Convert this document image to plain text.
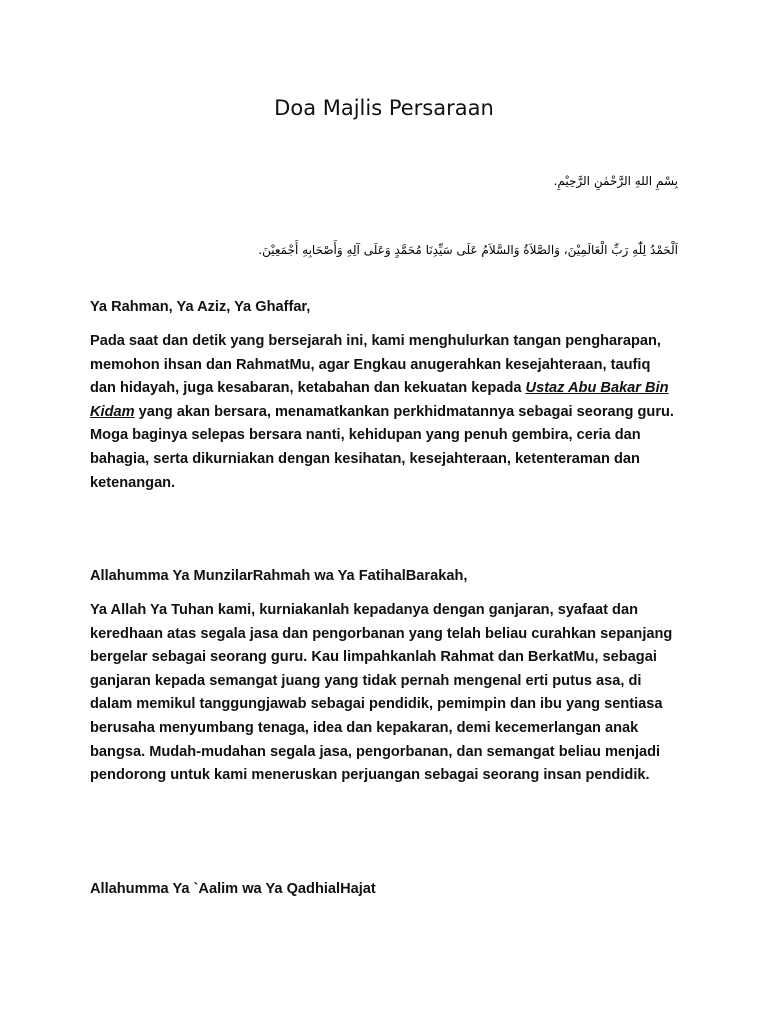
Doa Majlis Persaraan
بِسْمِ اللهِ الرَّحْمٰنِ الرَّحِيْمِ.
اَلْحَمْدُ لِلّٰهِ رَبِّ الْعَالَمِيْنَ، وَالصَّلاَةُ وَالسَّلاَمُ عَلَى سَيِّدِنَا مُحَمَّدٍ وَعَلَى آلِهِ وَأَصْحَابِهِ أَجْمَعِيْنَ.

Ya Rahman, Ya Aziz, Ya Ghaffar,

Pada saat dan detik yang bersejarah ini, kami menghulurkan tangan pengharapan, memohon ihsan dan RahmatMu, agar Engkau anugerahkan kesejahteraan, taufiq dan hidayah, juga kesabaran, ketabahan dan kekuatan kepada Ustaz Abu Bakar Bin Kidam yang akan bersara, menamatkankan perkhidmatannya sebagai seorang guru. Moga baginya selepas bersara nanti, kehidupan yang penuh gembira, ceria dan bahagia, serta dikurniakan dengan kesihatan, kesejahteraan, ketenteraman dan ketenangan.

Allahumma Ya MunzilarRahmah wa Ya FatihalBarakah,

Ya Allah Ya Tuhan kami, kurniakanlah kepadanya dengan ganjaran, syafaat dan keredhaan atas segala jasa dan pengorbanan yang telah beliau curahkan sepanjang bergelar sebagai seorang guru. Kau limpahkanlah Rahmat dan BerkatMu, sebagai ganjaran kepada semangat juang yang tidak pernah mengenal erti putus asa, di dalam memikul tanggungjawab sebagai pendidik, pemimpin dan ibu yang sentiasa berusaha menyumbang tenaga, idea dan kepakaran, demi kecemerlangan anak bangsa. Mudah-mudahan segala jasa, pengorbanan, dan semangat beliau menjadi pendorong untuk kami meneruskan perjuangan sebagai seorang insan pendidik.

Allahumma Ya `Aalim wa Ya QadhialHajat
